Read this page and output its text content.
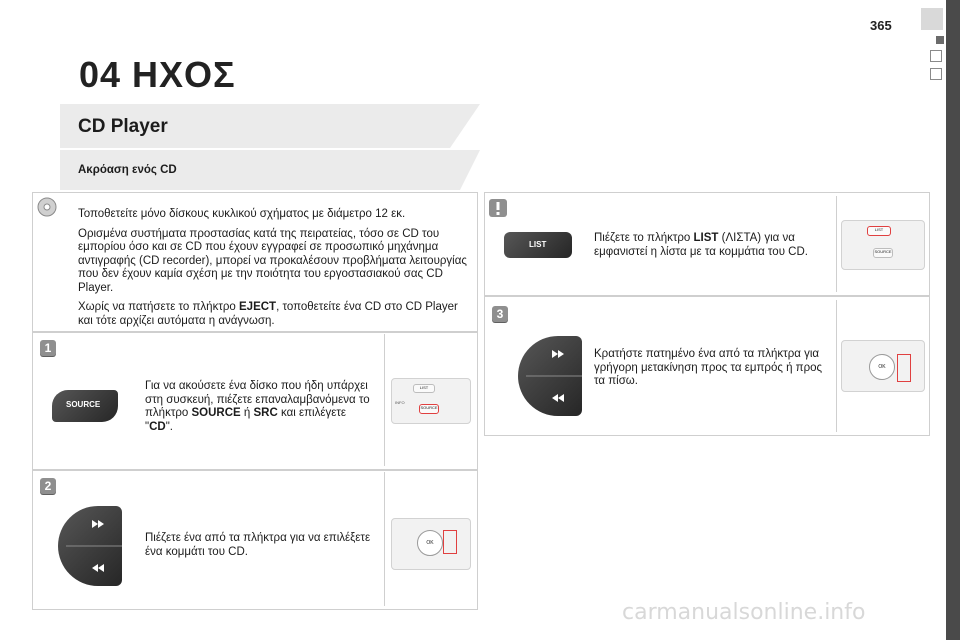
365
04 ΗΧΟΣ
CD Player
Ακρόαση ενός CD

Τοποθετείτε μόνο δίσκους κυκλικού σχήματος με διάμετρο 12 εκ.

Ορισμένα συστήματα προστασίας κατά της πειρατείας, τόσο σε CD του εμπορίου όσο και σε CD που έχουν εγγραφεί σε προσωπικό μηχάνημα αντιγραφής (CD recorder), μπορεί να προκαλέσουν προβλήματα λειτουργίας που δεν έχουν καμία σχέση με την ποιότητα του εργοστασιακού σας CD Player.

Χωρίς να πατήσετε το πλήκτρο EJECT, τοποθετείτε ένα CD στο CD Player και τότε αρχίζει αυτόματα η ανάγνωση.

1
SOURCE
Για να ακούσετε ένα δίσκο που ήδη υπάρχει στη συσκευή, πιέζετε επαναλαμβανόμενα το πλήκτρο SOURCE ή SRC και επιλέγετε "CD".
LIST
SOURCE
INFO
2
Πιέζετε ένα από τα πλήκτρα για να επιλέξετε ένα κομμάτι του CD.
OK
LIST
Πιέζετε το πλήκτρο LIST (ΛΙΣΤΑ) για να εμφανιστεί η λίστα με τα κομμάτια του CD.
LIST
SOURCE
3
Κρατήστε πατημένο ένα από τα πλήκτρα για γρήγορη μετακίνηση προς τα εμπρός ή προς τα πίσω.
OK
carmanualsonline.info
